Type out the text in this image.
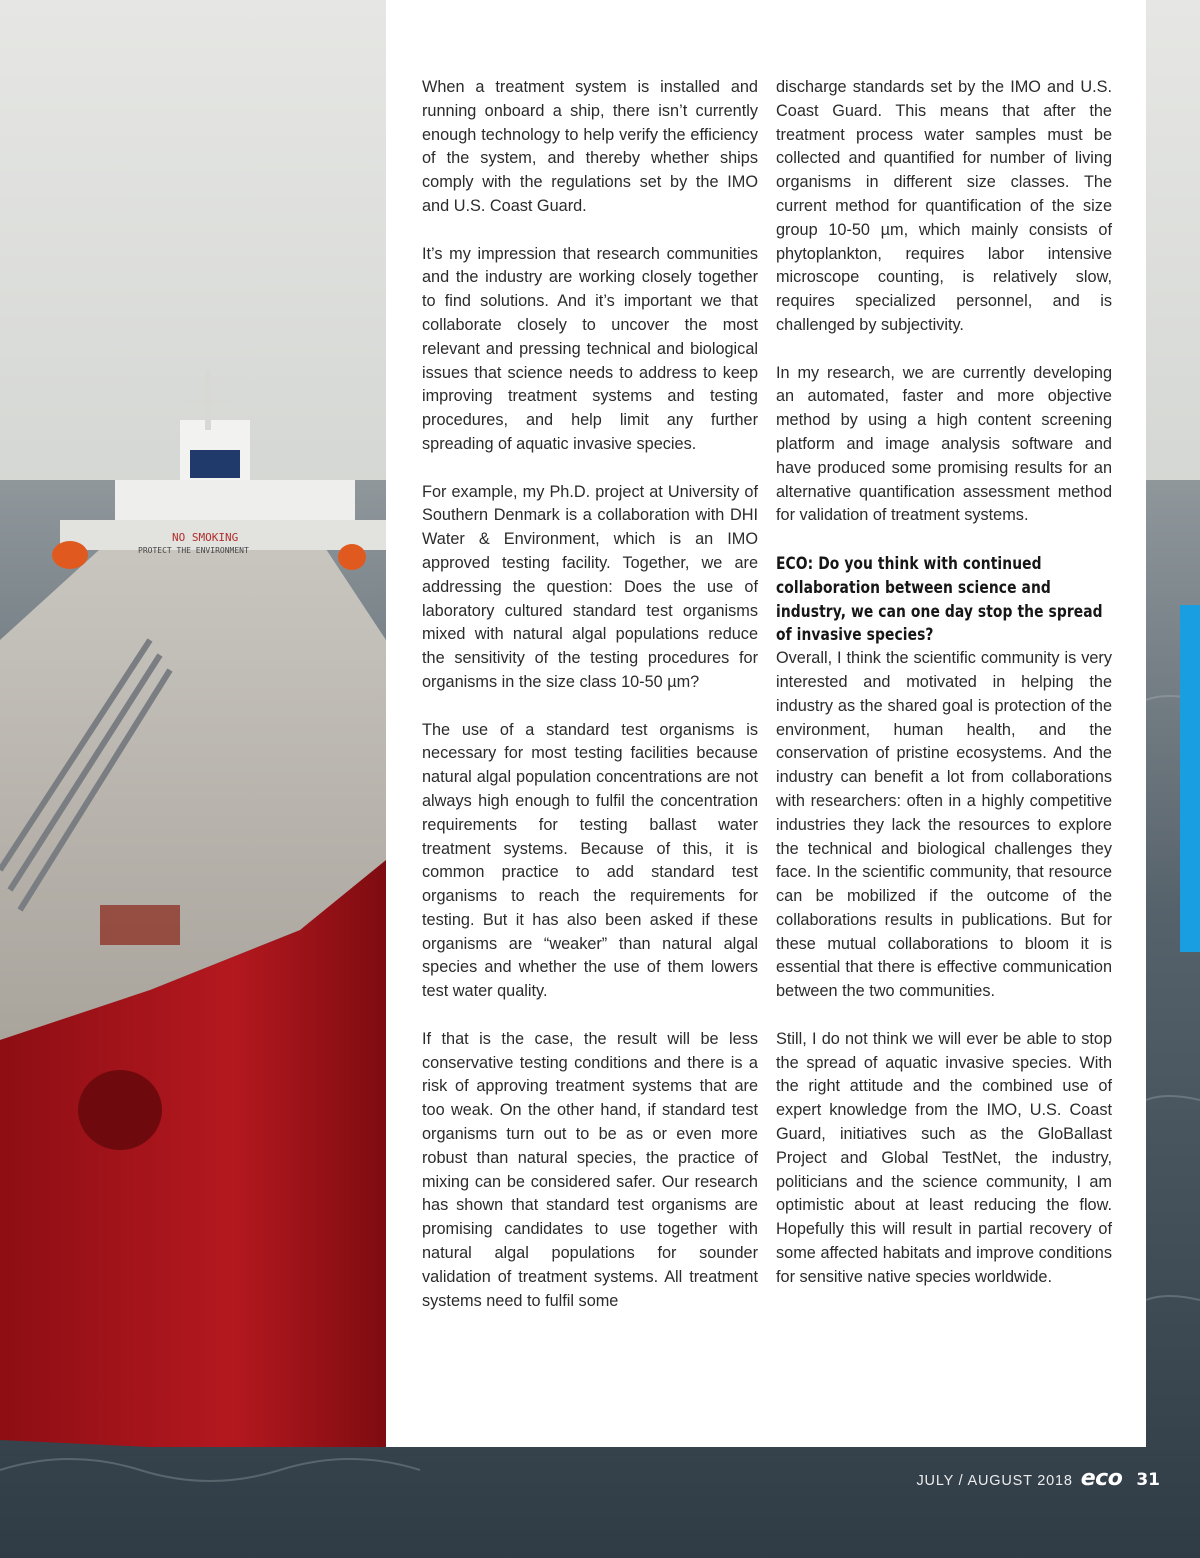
NO SMOKING
PROTECT THE ENVIRONMENT

When a treatment system is installed and running onboard a ship, there isn’t currently enough technology to help verify the efficiency of the system, and thereby whether ships comply with the regulations set by the IMO and U.S. Coast Guard.

It’s my impression that research communities and the industry are working closely together to find solutions. And it’s important we that collaborate closely to uncover the most relevant and pressing technical and biological issues that science needs to address to keep improving treatment systems and testing procedures, and help limit any further spreading of aquatic invasive species.

For example, my Ph.D. project at University of Southern Denmark is a collaboration with DHI Water & Environment, which is an IMO approved testing facility. Together, we are addressing the question: Does the use of laboratory cultured standard test organisms mixed with natural algal populations reduce the sensitivity of the testing procedures for organisms in the size class 10-50 µm?

The use of a standard test organisms is necessary for most testing facilities because natural algal population concentrations are not always high enough to fulfil the concentration requirements for testing ballast water treatment systems. Because of this, it is common practice to add standard test organisms to reach the requirements for testing. But it has also been asked if these organisms are “weaker” than natural algal species and whether the use of them lowers test water quality.

If that is the case, the result will be less conservative testing conditions and there is a risk of approving treatment systems that are too weak. On the other hand, if standard test organisms turn out to be as or even more robust than natural species, the practice of mixing can be considered safer. Our research has shown that standard test organisms are promising candidates to use together with natural algal populations for sounder validation of treatment systems. All treatment systems need to fulfil some

discharge standards set by the IMO and U.S. Coast Guard. This means that after the treatment process water samples must be collected and quantified for number of living organisms in different size classes. The current method for quantification of the size group 10-50 µm, which mainly consists of phytoplankton, requires labor intensive microscope counting, is relatively slow, requires specialized personnel, and is challenged by subjectivity.

In my research, we are currently developing an automated, faster and more objective method by using a high content screening platform and image analysis software and have produced some promising results for an alternative quantification assessment method for validation of treatment systems.

ECO: Do you think with continued collaboration between science and industry, we can one day stop the spread of invasive species?

Overall, I think the scientific community is very interested and motivated in helping the industry as the shared goal is protection of the environment, human health, and the conservation of pristine ecosystems. And the industry can benefit a lot from collaborations with researchers: often in a highly competitive industries they lack the resources to explore the technical and biological challenges they face. In the scientific community, that resource can be mobilized if the outcome of the collaborations results in publications. But for these mutual collaborations to bloom it is essential that there is effective communication between the two communities.

Still, I do not think we will ever be able to stop the spread of aquatic invasive species. With the right attitude and the combined use of expert knowledge from the IMO, U.S. Coast Guard, initiatives such as the GloBallast Project and Global TestNet, the industry, politicians and the science community, I am optimistic about at least reducing the flow. Hopefully this will result in partial recovery of some affected habitats and improve conditions for sensitive native species worldwide.

JULY / AUGUST 2018 eco 31
